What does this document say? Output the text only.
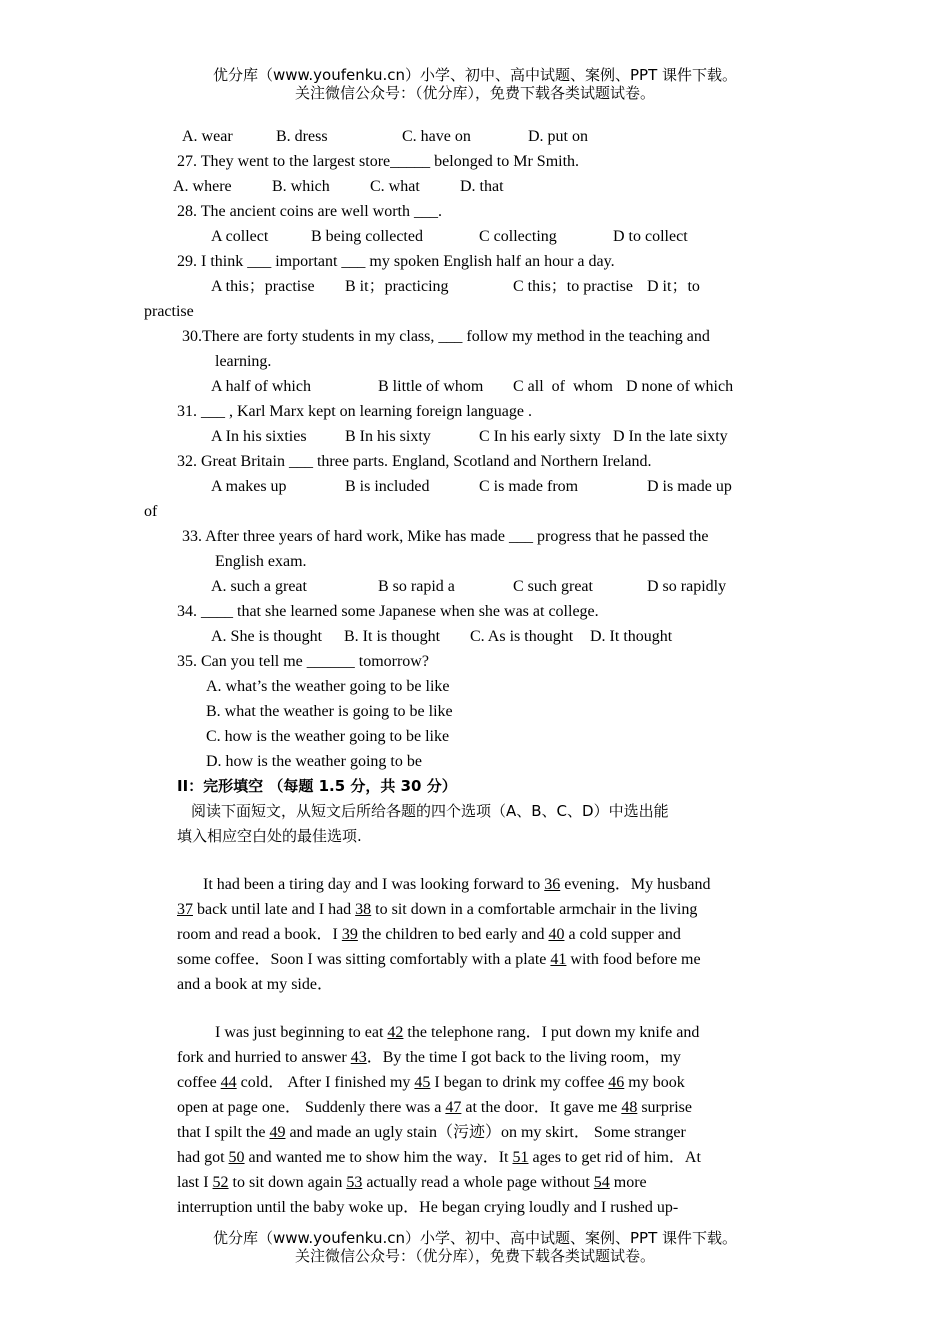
优分库（www.youfenku.cn）小学、初中、高中试题、案例、PPT 课件下载。
关注微信公众号：（优分库），免费下载各类试题试卷。
A. wear	B. dress	C. have on	D. put on
27. They went to the largest store_____ belonged to Mr Smith.
A. where	B. which	C. what	D. that
28. The ancient coins are well worth ___.
A collect	B being collected	C collecting	D to collect
29. I think ___ important ___ my spoken English half an hour a day.
A this；practise B it；practicing	C this；to practise D it；to
practise
30.There are forty students in my class, ___ follow my method in the teaching and
learning.
A half of which	B little of whom C all  of  whom D none of which
31. ___ , Karl Marx kept on learning foreign language .
A In his sixties B In his sixty	C In his early sixty D In the late sixty
32. Great Britain ___ three parts. England, Scotland and Northern Ireland.
A makes up	B is included	C is made from	D is made up
of
33. After three years of hard work, Mike has made ___ progress that he passed the
English exam.
A. such a great	B so rapid a	C such great	D so rapidly
34. ____ that she learned some Japanese when she was at college.
A. She is thought B. It is thought C. As is thought D. It thought
35. Can you tell me ______ tomorrow?
A. what’s the weather going to be like
B. what the weather is going to be like
C. how is the weather going to be like
D. how is the weather going to be
II：完形填空 （每题 1.5 分，共 30 分）
阅读下面短文，从短文后所给各题的四个选项（A、B、C、D）中选出能
填入相应空白处的最佳选项.
It had been a tiring day and I was looking forward to 36 evening．My husband
37 back until late and I had 38 to sit down in a comfortable armchair in the living
room and read a book．I 39 the children to bed early and 40 a cold supper and
some coffee．Soon I was sitting comfortably with a plate 41 with food before me
and a book at my side．
I was just beginning to eat 42 the telephone rang．I put down my knife and
fork and hurried to answer 43．By the time I got back to the living room，my
coffee 44 cold． After I finished my 45 I began to drink my coffee 46 my book
open at page one． Suddenly there was a 47 at the door．It gave me 48 surprise
that I spilt the 49 and made an ugly stain（污迹）on my skirt． Some stranger
had got 50 and wanted me to show him the way．It 51 ages to get rid of him．At
last I 52 to sit down again 53 actually read a whole page without 54 more
interruption until the baby woke up．He began crying loudly and I rushed up-
优分库（www.youfenku.cn）小学、初中、高中试题、案例、PPT 课件下载。
关注微信公众号：（优分库），免费下载各类试题试卷。
